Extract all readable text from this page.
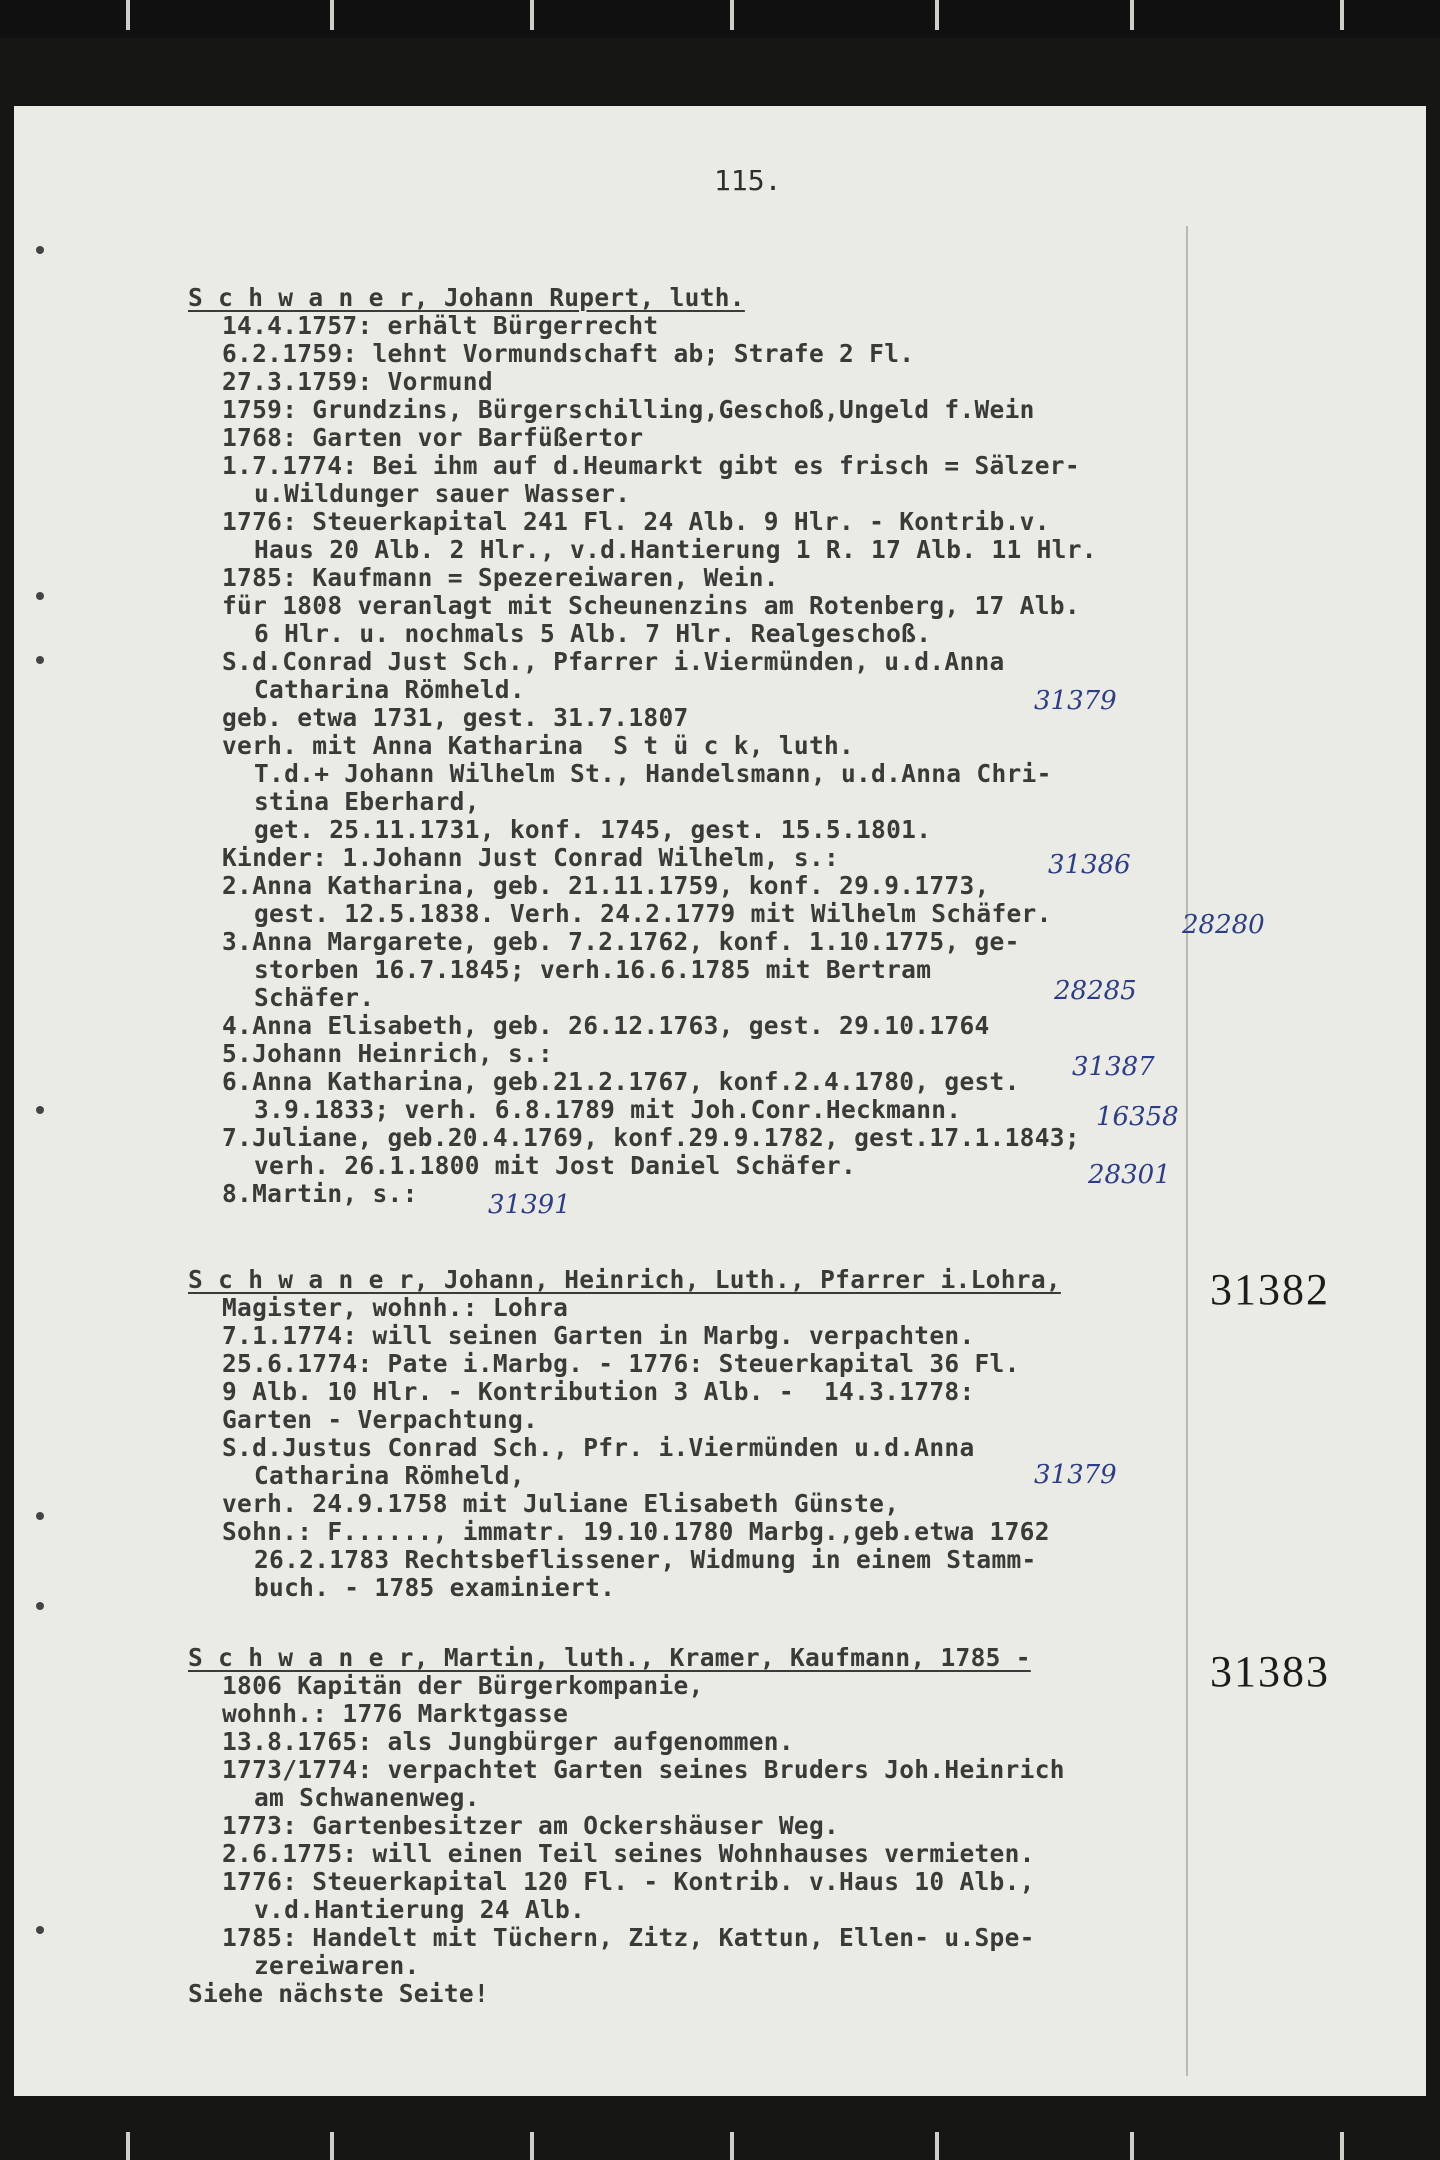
115.
S c h w a n e r, Johann Rupert, luth.
14.4.1757: erhält Bürgerrecht
6.2.1759: lehnt Vormundschaft ab; Strafe 2 Fl.
27.3.1759: Vormund
1759: Grundzins, Bürgerschilling,Geschoß,Ungeld f.Wein
1768: Garten vor Barfüßertor
1.7.1774: Bei ihm auf d.Heumarkt gibt es frisch = Sälzer-
u.Wildunger sauer Wasser.
1776: Steuerkapital 241 Fl. 24 Alb. 9 Hlr. - Kontrib.v.
Haus 20 Alb. 2 Hlr., v.d.Hantierung 1 R. 17 Alb. 11 Hlr.
1785: Kaufmann = Spezereiwaren, Wein.
für 1808 veranlagt mit Scheunenzins am Rotenberg, 17 Alb.
6 Hlr. u. nochmals 5 Alb. 7 Hlr. Realgeschoß.
S.d.Conrad Just Sch., Pfarrer i.Viermünden, u.d.Anna
Catharina Römheld.
geb. etwa 1731, gest. 31.7.1807
verh. mit Anna Katharina  S t ü c k, luth.
T.d.+ Johann Wilhelm St., Handelsmann, u.d.Anna Chri-
stina Eberhard,
get. 25.11.1731, konf. 1745, gest. 15.5.1801.
Kinder: 1.Johann Just Conrad Wilhelm, s.:
2.Anna Katharina, geb. 21.11.1759, konf. 29.9.1773,
gest. 12.5.1838. Verh. 24.2.1779 mit Wilhelm Schäfer.
3.Anna Margarete, geb. 7.2.1762, konf. 1.10.1775, ge-
storben 16.7.1845; verh.16.6.1785 mit Bertram
Schäfer.
4.Anna Elisabeth, geb. 26.12.1763, gest. 29.10.1764
5.Johann Heinrich, s.:
6.Anna Katharina, geb.21.2.1767, konf.2.4.1780, gest.
3.9.1833; verh. 6.8.1789 mit Joh.Conr.Heckmann.
7.Juliane, geb.20.4.1769, konf.29.9.1782, gest.17.1.1843;
verh. 26.1.1800 mit Jost Daniel Schäfer.
8.Martin, s.:
S c h w a n e r, Johann, Heinrich, Luth., Pfarrer i.Lohra,
Magister, wohnh.: Lohra
7.1.1774: will seinen Garten in Marbg. verpachten.
25.6.1774: Pate i.Marbg. - 1776: Steuerkapital 36 Fl.
9 Alb. 10 Hlr. - Kontribution 3 Alb. -  14.3.1778:
Garten - Verpachtung.
S.d.Justus Conrad Sch., Pfr. i.Viermünden u.d.Anna
Catharina Römheld,
verh. 24.9.1758 mit Juliane Elisabeth Günste,
Sohn.: F......, immatr. 19.10.1780 Marbg.,geb.etwa 1762
26.2.1783 Rechtsbeflissener, Widmung in einem Stamm-
buch. - 1785 examiniert.
S c h w a n e r, Martin, luth., Kramer, Kaufmann, 1785 -
1806 Kapitän der Bürgerkompanie,
wohnh.: 1776 Marktgasse
13.8.1765: als Jungbürger aufgenommen.
1773/1774: verpachtet Garten seines Bruders Joh.Heinrich
am Schwanenweg.
1773: Gartenbesitzer am Ockershäuser Weg.
2.6.1775: will einen Teil seines Wohnhauses vermieten.
1776: Steuerkapital 120 Fl. - Kontrib. v.Haus 10 Alb.,
v.d.Hantierung 24 Alb.
1785: Handelt mit Tüchern, Zitz, Kattun, Ellen- u.Spe-
zereiwaren.
Siehe nächste Seite!
31382
31383
31379
31386
28280
28285
31387
16358
28301
31391
31379
